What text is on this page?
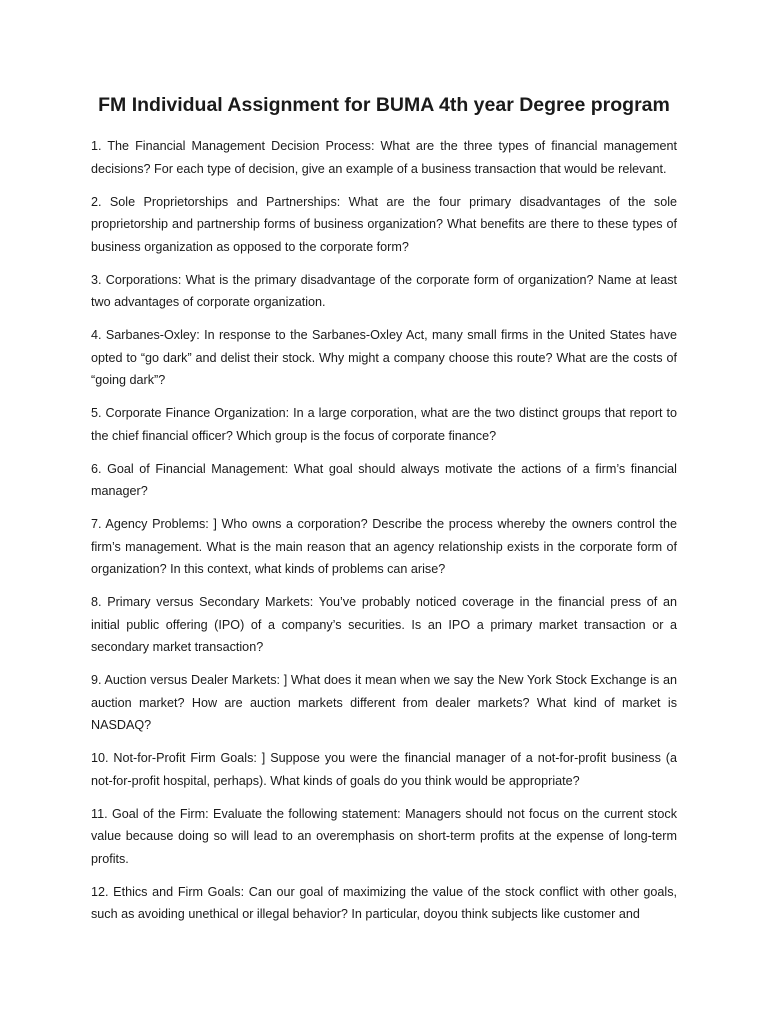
FM Individual Assignment for BUMA 4th year Degree program
1. The Financial Management Decision Process: What are the three types of financial management decisions? For each type of decision, give an example of a business transaction that would be relevant.
2. Sole Proprietorships and Partnerships: What are the four primary disadvantages of the sole proprietorship and partnership forms of business organization? What benefits are there to these types of business organization as opposed to the corporate form?
3. Corporations: What is the primary disadvantage of the corporate form of organization? Name at least two advantages of corporate organization.
4. Sarbanes-Oxley: In response to the Sarbanes-Oxley Act, many small firms in the United States have opted to “go dark” and delist their stock. Why might a company choose this route? What are the costs of “going dark”?
5. Corporate Finance Organization: In a large corporation, what are the two distinct groups that report to the chief financial officer? Which group is the focus of corporate finance?
6. Goal of Financial Management: What goal should always motivate the actions of a firm’s financial manager?
7. Agency Problems: ] Who owns a corporation? Describe the process whereby the owners control the firm’s management. What is the main reason that an agency relationship exists in the corporate form of organization? In this context, what kinds of problems can arise?
8. Primary versus Secondary Markets: You’ve probably noticed coverage in the financial press of an initial public offering (IPO) of a company’s securities. Is an IPO a primary market transaction or a secondary market transaction?
9. Auction versus Dealer Markets: ] What does it mean when we say the New York Stock Exchange is an auction market? How are auction markets different from dealer markets? What kind of market is NASDAQ?
10. Not-for-Profit Firm Goals: ] Suppose you were the financial manager of a not-for-profit business (a not-for-profit hospital, perhaps). What kinds of goals do you think would be appropriate?
11. Goal of the Firm: Evaluate the following statement: Managers should not focus on the current stock value because doing so will lead to an overemphasis on short-term profits at the expense of long-term profits.
12. Ethics and Firm Goals: Can our goal of maximizing the value of the stock conflict with other goals, such as avoiding unethical or illegal behavior? In particular, doyou think subjects like customer and
